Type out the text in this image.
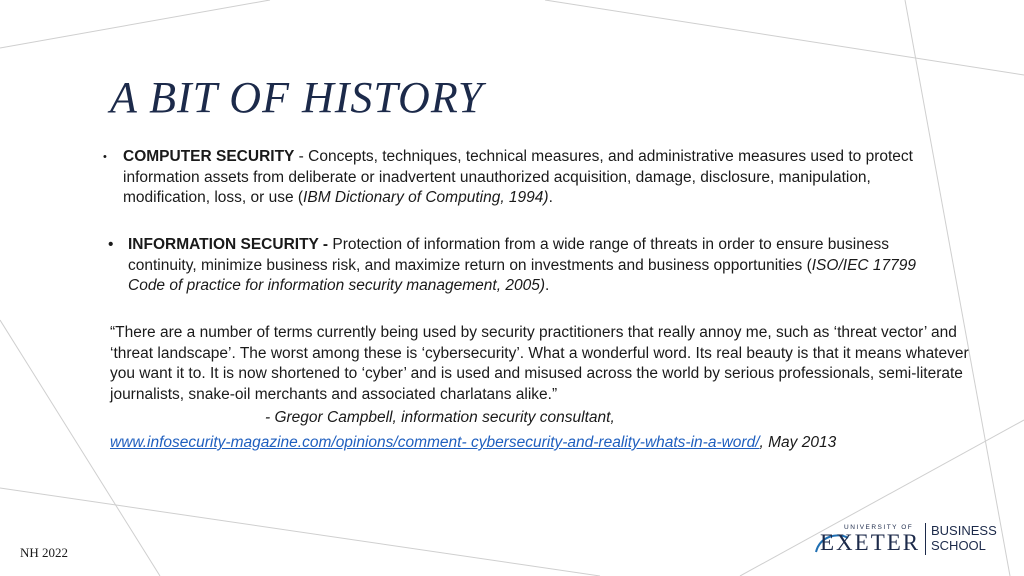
A BIT OF HISTORY
• COMPUTER SECURITY - Concepts, techniques, technical measures, and administrative measures used to protect information assets from deliberate or inadvertent unauthorized acquisition, damage, disclosure, manipulation, modification, loss, or use (IBM Dictionary of Computing, 1994).
• INFORMATION SECURITY - Protection of information from a wide range of threats in order to ensure business continuity, minimize business risk, and maximize return on investments and business opportunities (ISO/IEC 17799 Code of practice for information security management, 2005).
“There are a number of terms currently being used by security practitioners that really annoy me, such as ‘threat vector’ and ‘threat landscape’. The worst among these is ‘cybersecurity’. What a wonderful word. Its real beauty is that it means whatever you want it to. It is now shortened to ‘cyber’ and is used and misused across the world by serious professionals, semi-literate journalists, snake-oil merchants and associated charlatans alike.”
- Gregor Campbell, information security consultant,
www.infosecurity-magazine.com/opinions/comment- cybersecurity-and-reality-whats-in-a-word/, May 2013
NH 2022
UNIVERSITY OF
EXETER BUSINESS
SCHOOL
